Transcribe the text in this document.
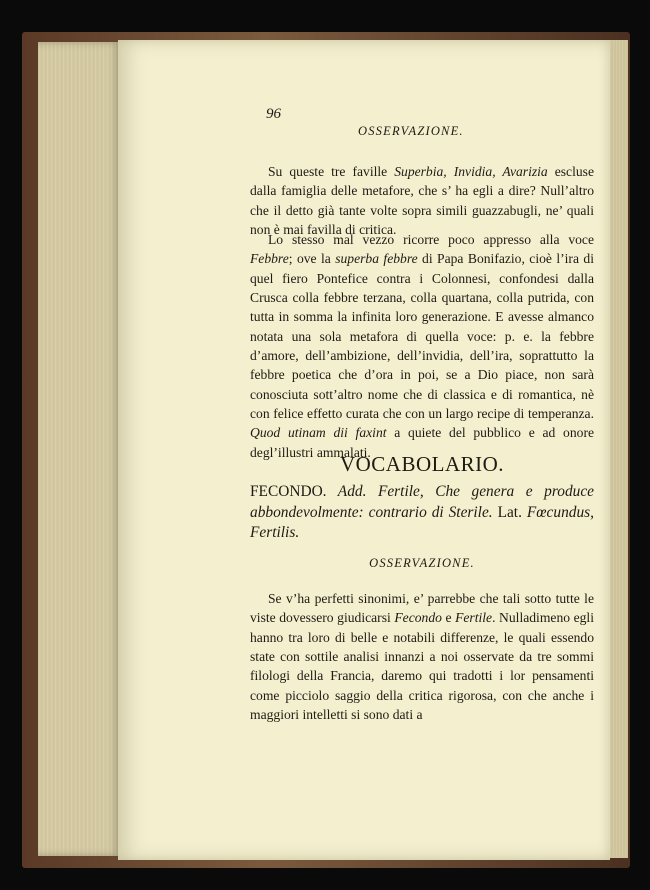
96
OSSERVAZIONE.

Su queste tre faville Superbia, Invidia, Avarizia escluse dalla famiglia delle metafore, che s’ ha egli a dire? Null’altro che il detto già tante volte sopra simili guazzabugli, ne’ quali non è mai favilla di critica.

Lo stesso mal vezzo ricorre poco appresso alla voce Febbre; ove la superba febbre di Papa Bonifazio, cioè l’ira di quel fiero Pontefice contra i Colonnesi, confondesi dalla Crusca colla febbre terzana, colla quartana, colla putrida, con tutta in somma la infinita loro generazione. E avesse almanco notata una sola metafora di quella voce: p. e. la febbre d’amore, dell’ambizione, dell’invidia, dell’ira, soprattutto la febbre poetica che d’ora in poi, se a Dio piace, non sarà conosciuta sott’altro nome che di classica e di romantica, nè con felice effetto curata che con un largo recipe di temperanza. Quod utinam dii faxint a quiete del pubblico e ad onore degl’illustri ammalati.

VOCABOLARIO.

FECONDO. Add. Fertile, Che genera e produce abbondevolmente: contrario di Sterile. Lat. Fœcundus, Fertilis.

OSSERVAZIONE.

Se v’ha perfetti sinonimi, e’ parrebbe che tali sotto tutte le viste dovessero giudicarsi Fecondo e Fertile. Nulladimeno egli hanno tra loro di belle e notabili differenze, le quali essendo state con sottile analisi innanzi a noi osservate da tre sommi filologi della Francia, daremo qui tradotti i lor pensamenti come picciolo saggio della critica rigorosa, con che anche i maggiori intelletti si sono dati a
